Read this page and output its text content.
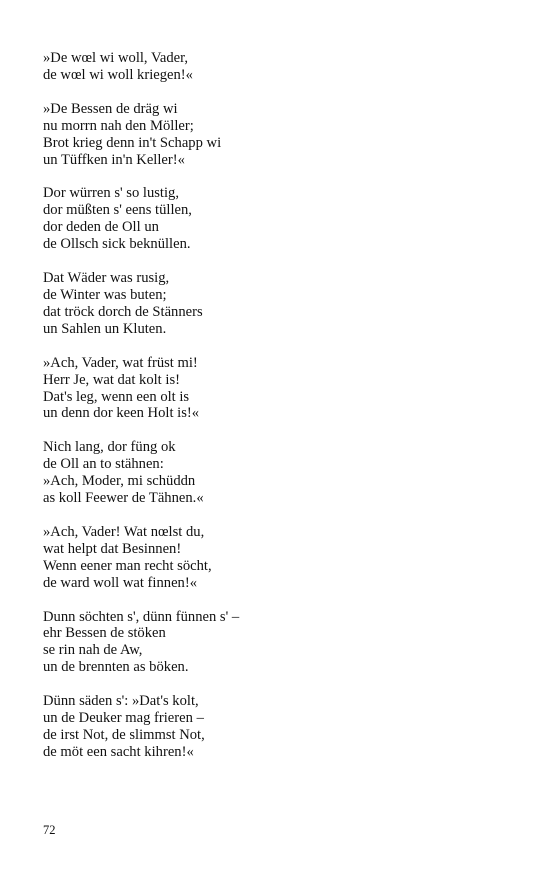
»De wœl wi woll, Vader,
de wœl wi woll kriegen!«
»De Bessen de dräg wi
nu morrn nah den Möller;
Brot krieg denn in't Schapp wi
un Tüffken in'n Keller!«
Dor würren s' so lustig,
dor müßten s' eens tüllen,
dor deden de Oll un
de Ollsch sick beknüllen.
Dat Wäder was rusig,
de Winter was buten;
dat tröck dorch de Stänners
un Sahlen un Kluten.
»Ach, Vader, wat früst mi!
Herr Je, wat dat kolt is!
Dat's leg, wenn een olt is
un denn dor keen Holt is!«
Nich lang, dor füng ok
de Oll an to stähnen:
»Ach, Moder, mi schüddn
as koll Feewer de Tähnen.«
»Ach, Vader! Wat nœlst du,
wat helpt dat Besinnen!
Wenn eener man recht söcht,
de ward woll wat finnen!«
Dunn söchten s', dünn fünnen s' –
ehr Bessen de stöken
se rin nah de Aw,
un de brennten as böken.
Dünn säden s': »Dat's kolt,
un de Deuker mag frieren –
de irst Not, de slimmst Not,
de möt een sacht kihren!«
72
